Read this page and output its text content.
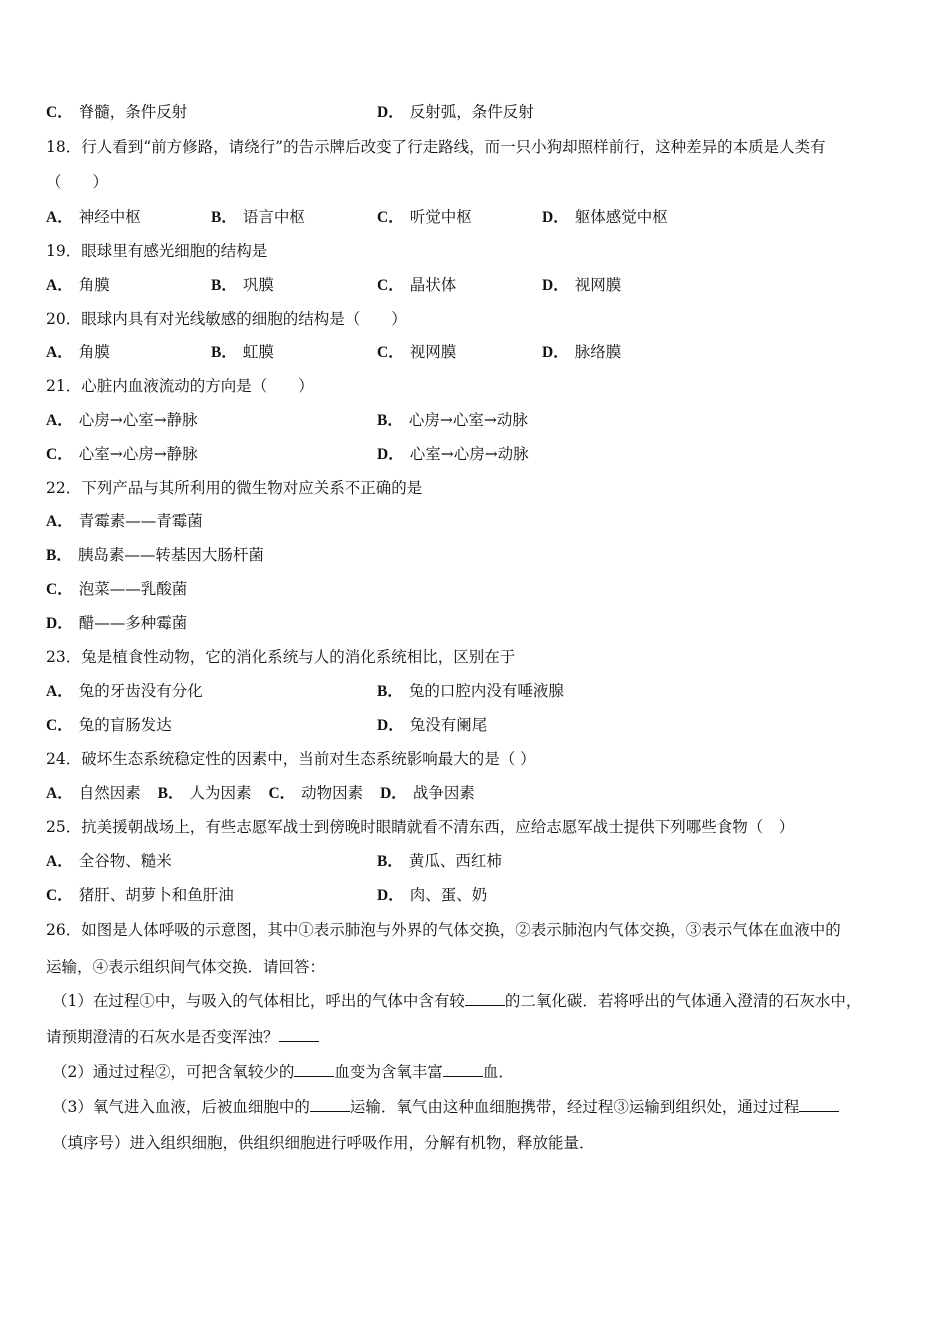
C． 脊髓，条件反射	D． 反射弧，条件反射
18．行人看到“前方修路，请绕行”的告示牌后改变了行走路线，而一只小狗却照样前行，这种差异的本质是人类有
（　　）
A． 神经中枢	B． 语言中枢	C． 听觉中枢	D． 躯体感觉中枢
19．眼球里有感光细胞的结构是
A． 角膜	B． 巩膜	C． 晶状体	D． 视网膜
20．眼球内具有对光线敏感的细胞的结构是（　　）
A． 角膜	B． 虹膜	C． 视网膜	D． 脉络膜
21．心脏内血液流动的方向是（　　）
A． 心房→心室→静脉	B． 心房→心室→动脉
C． 心室→心房→静脉	D． 心室→心房→动脉
22．下列产品与其所利用的微生物对应关系不正确的是
A． 青霉素——青霉菌
B． 胰岛素——转基因大肠杆菌
C． 泡菜——乳酸菌
D． 醋——多种霉菌
23．兔是植食性动物，它的消化系统与人的消化系统相比，区别在于
A． 兔的牙齿没有分化	B． 兔的口腔内没有唾液腺
C． 兔的盲肠发达	D． 兔没有阑尾
24．破坏生态系统稳定性的因素中，当前对生态系统影响最大的是（ ）
A． 自然因素 B． 人为因素 C． 动物因素 D． 战争因素
25．抗美援朝战场上，有些志愿军战士到傍晚时眼睛就看不清东西，应给志愿军战士提供下列哪些食物（　）
A． 全谷物、糙米	B． 黄瓜、西红柿
C． 猪肝、胡萝卜和鱼肝油	D． 肉、蛋、奶
26．如图是人体呼吸的示意图，其中①表示肺泡与外界的气体交换，②表示肺泡内气体交换，③表示气体在血液中的
运输，④表示组织间气体交换．请回答：
（1）在过程①中，与吸入的气体相比，呼出的气体中含有较	的二氧化碳．若将呼出的气体通入澄清的石灰水中，
请预期澄清的石灰水是否变浑浊？
（2）通过过程②，可把含氧较少的	血变为含氧丰富	血．
（3）氧气进入血液，后被血细胞中的	运输．氧气由这种血细胞携带，经过程③运输到组织处，通过过程
（填序号）进入组织细胞，供组织细胞进行呼吸作用，分解有机物，释放能量．
